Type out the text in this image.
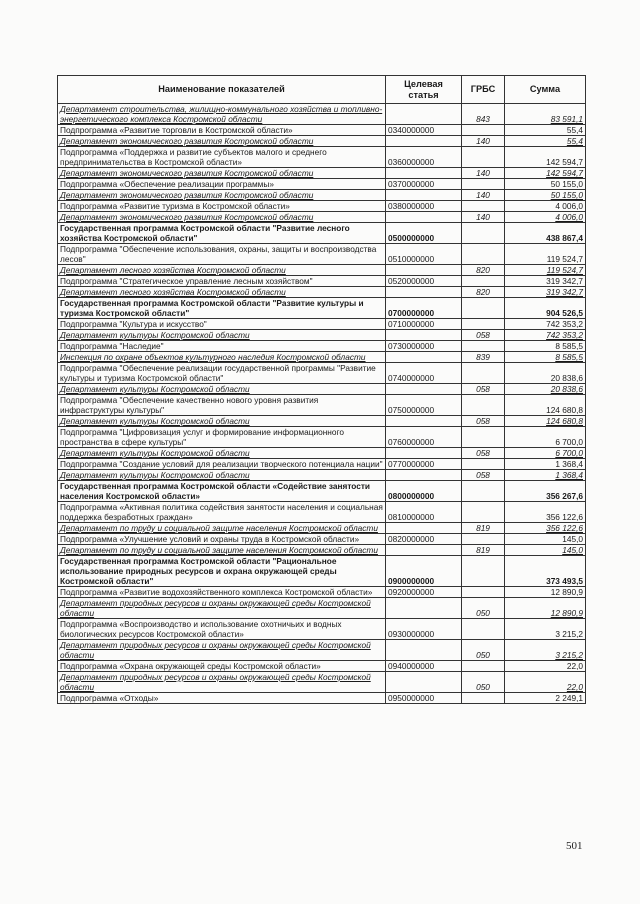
Наименование показателей	Целевая статья	ГРБС	Сумма
Департамент строительства, жилищно-коммунального хозяйства и топливно-энергетического комплекса Костромской области		843	83 591,1
Подпрограмма «Развитие торговли в Костромской области»	0340000000		55,4
Департамент экономического развития Костромской области		140	55,4
Подпрограмма «Поддержка и развитие субъектов малого и среднего предпринимательства в Костромской области»	0360000000		142 594,7
Департамент экономического развития Костромской области		140	142 594,7
Подпрограмма «Обеспечение реализации программы»	0370000000		50 155,0
Департамент экономического развития Костромской области		140	50 155,0
Подпрограмма «Развитие туризма в Костромской области»	0380000000		4 006,0
Департамент экономического развития Костромской области		140	4 006,0
Государственная программа Костромской области "Развитие лесного хозяйства Костромской области"	0500000000		438 867,4
Подпрограмма "Обеспечение использования, охраны, защиты и воспроизводства лесов"	0510000000		119 524,7
Департамент лесного хозяйства Костромской области		820	119 524,7
Подпрограмма "Стратегическое управление лесным хозяйством"	0520000000		319 342,7
Департамент лесного хозяйства Костромской области		820	319 342,7
Государственная программа Костромской области "Развитие культуры и туризма Костромской области"	0700000000		904 526,5
Подпрограмма "Культура и искусство"	0710000000		742 353,2
Департамент культуры Костромской области		058	742 353,2
Подпрограмма "Наследие"	0730000000		8 585,5
Инспекция по охране объектов культурного наследия Костромской области		839	8 585,5
Подпрограмма "Обеспечение реализации государственной программы "Развитие культуры и туризма Костромской области"	0740000000		20 838,6
Департамент культуры Костромской области		058	20 838,6
Подпрограмма "Обеспечение качественно нового уровня развития инфраструктуры культуры"	0750000000		124 680,8
Департамент культуры Костромской области		058	124 680,8
Подпрограмма "Цифровизация услуг и формирование информационного пространства в сфере культуры"	0760000000		6 700,0
Департамент культуры Костромской области		058	6 700,0
Подпрограмма "Создание условий для реализации творческого потенциала нации"	0770000000		1 368,4
Департамент культуры Костромской области		058	1 368,4
Государственная программа Костромской области «Содействие занятости населения Костромской области»	0800000000		356 267,6
Подпрограмма «Активная политика содействия занятости населения и социальная поддержка безработных граждан»	0810000000		356 122,6
Департамент по труду и социальной защите населения Костромской области		819	356 122,6
Подпрограмма «Улучшение условий и охраны труда в Костромской области»	0820000000		145,0
Департамент по труду и социальной защите населения Костромской области		819	145,0
Государственная программа Костромской области "Рациональное использование природных ресурсов и охрана окружающей среды Костромской области"	0900000000		373 493,5
Подпрограмма «Развитие водохозяйственного комплекса Костромской области»	0920000000		12 890,9
Департамент природных ресурсов и охраны окружающей среды Костромской области		050	12 890,9
Подпрограмма «Воспроизводство и использование охотничьих и водных биологических ресурсов Костромской области»	0930000000		3 215,2
Департамент природных ресурсов и охраны окружающей среды Костромской области		050	3 215,2
Подпрограмма «Охрана окружающей среды Костромской области»	0940000000		22,0
Департамент природных ресурсов и охраны окружающей среды Костромской области		050	22,0
Подпрограмма «Отходы»	0950000000		2 249,1
501
